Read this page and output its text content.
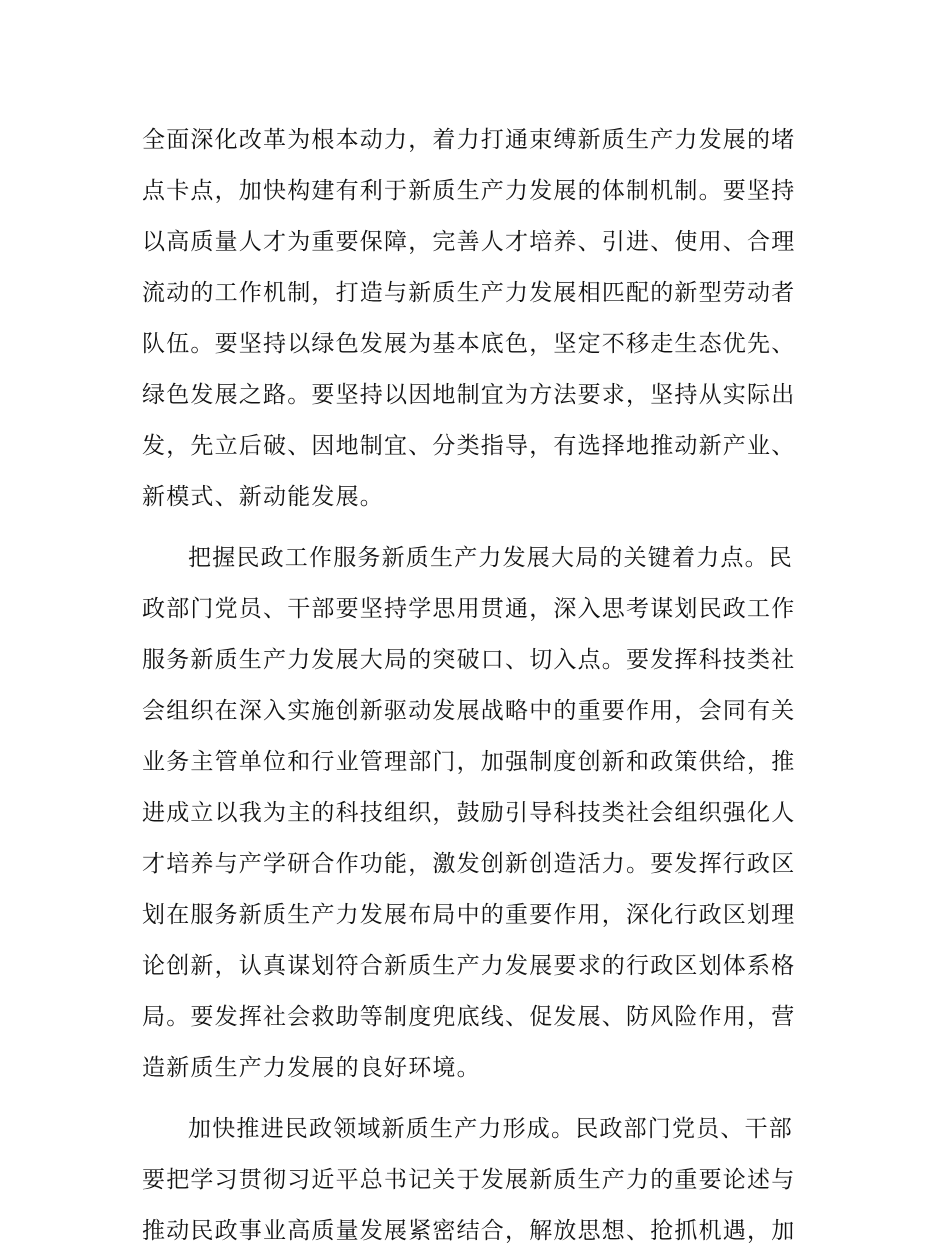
全面深化改革为根本动力，着力打通束缚新质生产力发展的堵
点卡点，加快构建有利于新质生产力发展的体制机制。要坚持
以高质量人才为重要保障，完善人才培养、引进、使用、合理
流动的工作机制，打造与新质生产力发展相匹配的新型劳动者
队伍。要坚持以绿色发展为基本底色，坚定不移走生态优先、
绿色发展之路。要坚持以因地制宜为方法要求，坚持从实际出
发，先立后破、因地制宜、分类指导，有选择地推动新产业、
新模式、新动能发展。
把握民政工作服务新质生产力发展大局的关键着力点。民
政部门党员、干部要坚持学思用贯通，深入思考谋划民政工作
服务新质生产力发展大局的突破口、切入点。要发挥科技类社
会组织在深入实施创新驱动发展战略中的重要作用，会同有关
业务主管单位和行业管理部门，加强制度创新和政策供给，推
进成立以我为主的科技组织，鼓励引导科技类社会组织强化人
才培养与产学研合作功能，激发创新创造活力。要发挥行政区
划在服务新质生产力发展布局中的重要作用，深化行政区划理
论创新，认真谋划符合新质生产力发展要求的行政区划体系格
局。要发挥社会救助等制度兜底线、促发展、防风险作用，营
造新质生产力发展的良好环境。
加快推进民政领域新质生产力形成。民政部门党员、干部
要把学习贯彻习近平总书记关于发展新质生产力的重要论述与
推动民政事业高质量发展紧密结合，解放思想、抢抓机遇，加
